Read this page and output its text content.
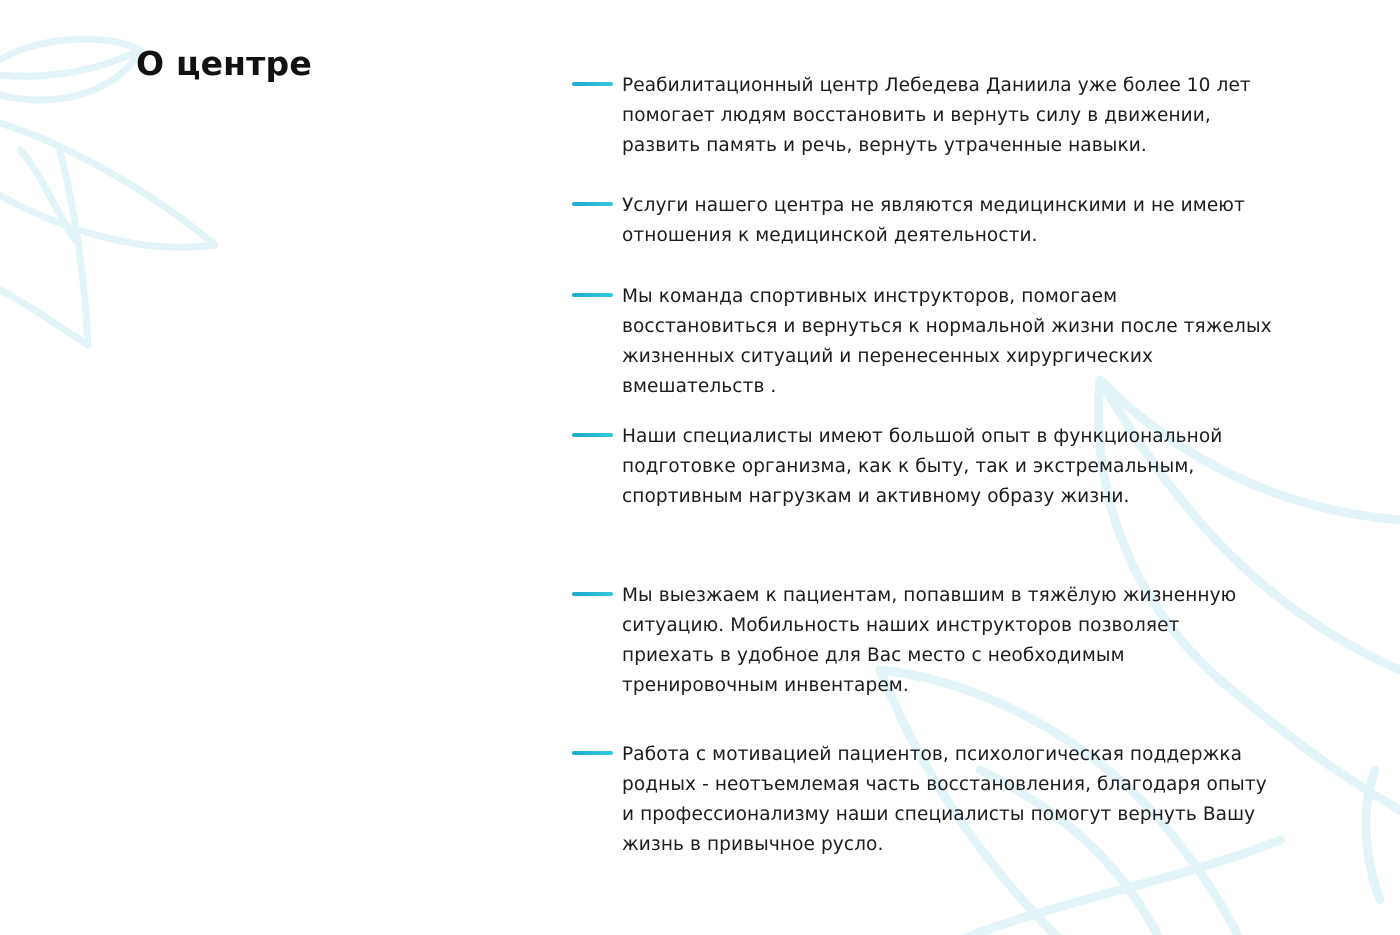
О центре

Реабилитационный центр Лебедева Даниила уже более 10 лет помогает людям восстановить и вернуть силу в движении, развить память и речь, вернуть утраченные навыки.

Услуги нашего центра не являются медицинскими и не имеют отношения к медицинской деятельности.

Мы команда спортивных инструкторов, помогаем восстановиться и вернуться к нормальной жизни после тяжелых жизненных ситуаций и перенесенных хирургических вмешательств .

Наши специалисты имеют большой опыт в функциональной подготовке организма, как к быту, так и экстремальным, спортивным нагрузкам и активному образу жизни.

Мы выезжаем к пациентам, попавшим в тяжёлую жизненную ситуацию. Мобильность наших инструкторов позволяет приехать в удобное для Вас место с необходимым тренировочным инвентарем.

Работа с мотивацией пациентов, психологическая поддержка родных - неотъемлемая часть восстановления, благодаря опыту и профессионализму наши специалисты помогут вернуть Вашу жизнь в привычное русло.
